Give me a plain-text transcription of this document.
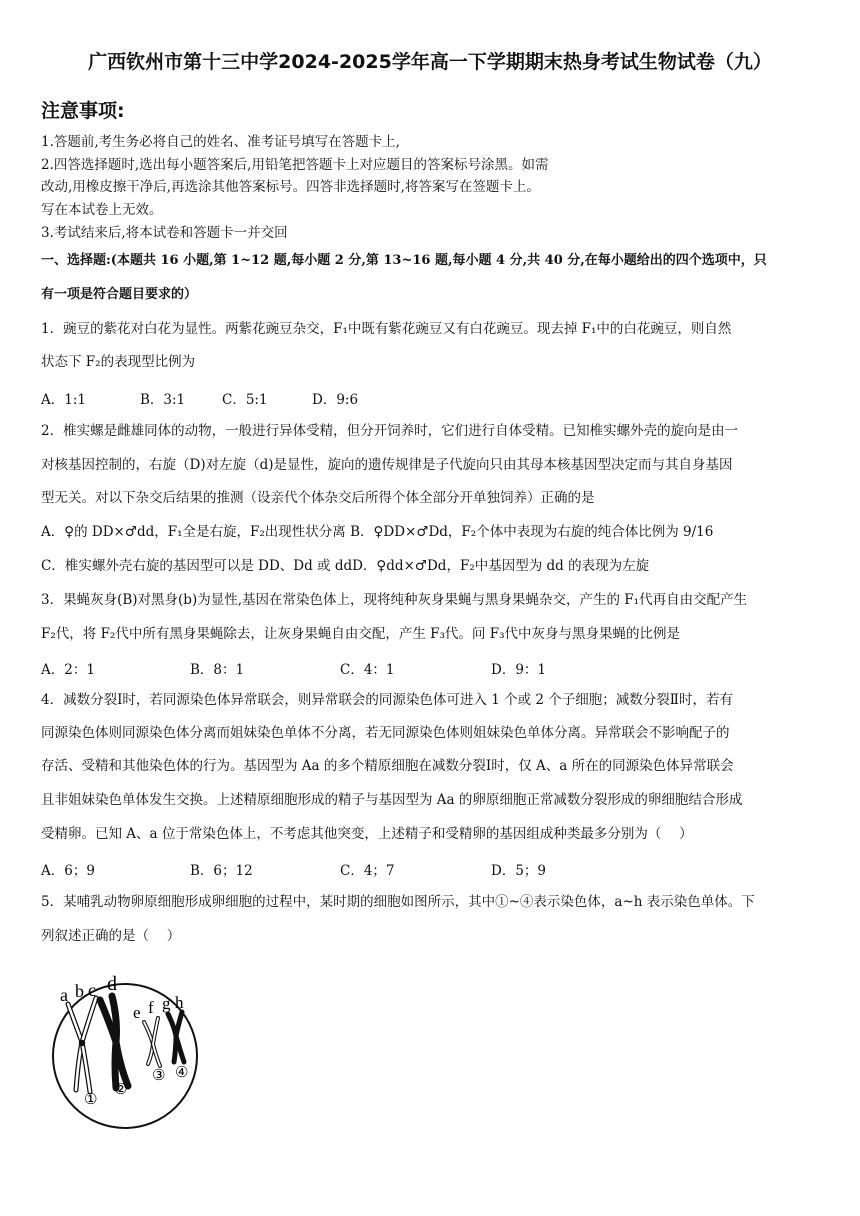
广西钦州市第十三中学2024-2025学年高一下学期期末热身考试生物试卷（九）
注意事项:
1.答题前,考生务必将自己的姓名、准考证号填写在答题卡上,
2.四答选择题时,选出每小题答案后,用铅笔把答题卡上对应题目的答案标号涂黑。如需
改动,用橡皮擦干净后,再选涂其他答案标号。四答非选择题时,将答案写在签题卡上。
写在本试卷上无效。
3.考试结来后,将本试卷和答题卡一并交回
一、选择题:(本题共 16 小题,第 1~12 题,每小题 2 分,第 13~16 题,每小题 4 分,共 40 分,在每小题给出的四个选项中，只
有一项是符合题目要求的）
1．豌豆的紫花对白花为显性。两紫花豌豆杂交，F₁中既有紫花豌豆又有白花豌豆。现去掉 F₁中的白花豌豆，则自然
状态下 F₂的表现型比例为
A．1:1	B．3:1	C．5:1	D．9:6
2．椎实螺是雌雄同体的动物，一般进行异体受精，但分开饲养时，它们进行自体受精。已知椎实螺外壳的旋向是由一
对核基因控制的，右旋（D)对左旋（d)是显性，旋向的遗传规律是子代旋向只由其母本核基因型决定而与其自身基因
型无关。对以下杂交后结果的推测（设亲代个体杂交后所得个体全部分开单独饲养）正确的是
A．♀的 DD×♂dd，F₁全是右旋，F₂出现性状分离 B．♀DD×♂Dd，F₂个体中表现为右旋的纯合体比例为 9/16
C．椎实螺外壳右旋的基因型可以是 DD、Dd 或 ddD．♀dd×♂Dd，F₂中基因型为 dd 的表现为左旋
3．果蝇灰身(B)对黑身(b)为显性,基因在常染色体上，现将纯种灰身果蝇与黑身果蝇杂交，产生的 F₁代再自由交配产生
F₂代，将 F₂代中所有黑身果蝇除去，让灰身果蝇自由交配，产生 F₃代。问 F₃代中灰身与黑身果蝇的比例是
A．2：1	B．8：1	C．4：1	D．9：1
4．减数分裂Ⅰ时，若同源染色体异常联会，则异常联会的同源染色体可进入 1 个或 2 个子细胞；减数分裂Ⅱ时，若有
同源染色体则同源染色体分离而姐妹染色单体不分离，若无同源染色体则姐妹染色单体分离。异常联会不影响配子的
存活、受精和其他染色体的行为。基因型为 Aa 的多个精原细胞在减数分裂Ⅰ时，仅 A、a 所在的同源染色体异常联会
且非姐妹染色单体发生交换。上述精原细胞形成的精子与基因型为 Aa 的卵原细胞正常减数分裂形成的卵细胞结合形成
受精卵。已知 A、a 位于常染色体上，不考虑其他突变，上述精子和受精卵的基因组成种类最多分别为（　 ）
A．6；9	B．6；12	C．4；7	D．5；9
5．某哺乳动物卵原细胞形成卵细胞的过程中，某时期的细胞如图所示，其中①~④表示染色体，a~h 表示染色单体。下
列叙述正确的是（　 ）
a b c d
e f g h
①
②
③ ④
